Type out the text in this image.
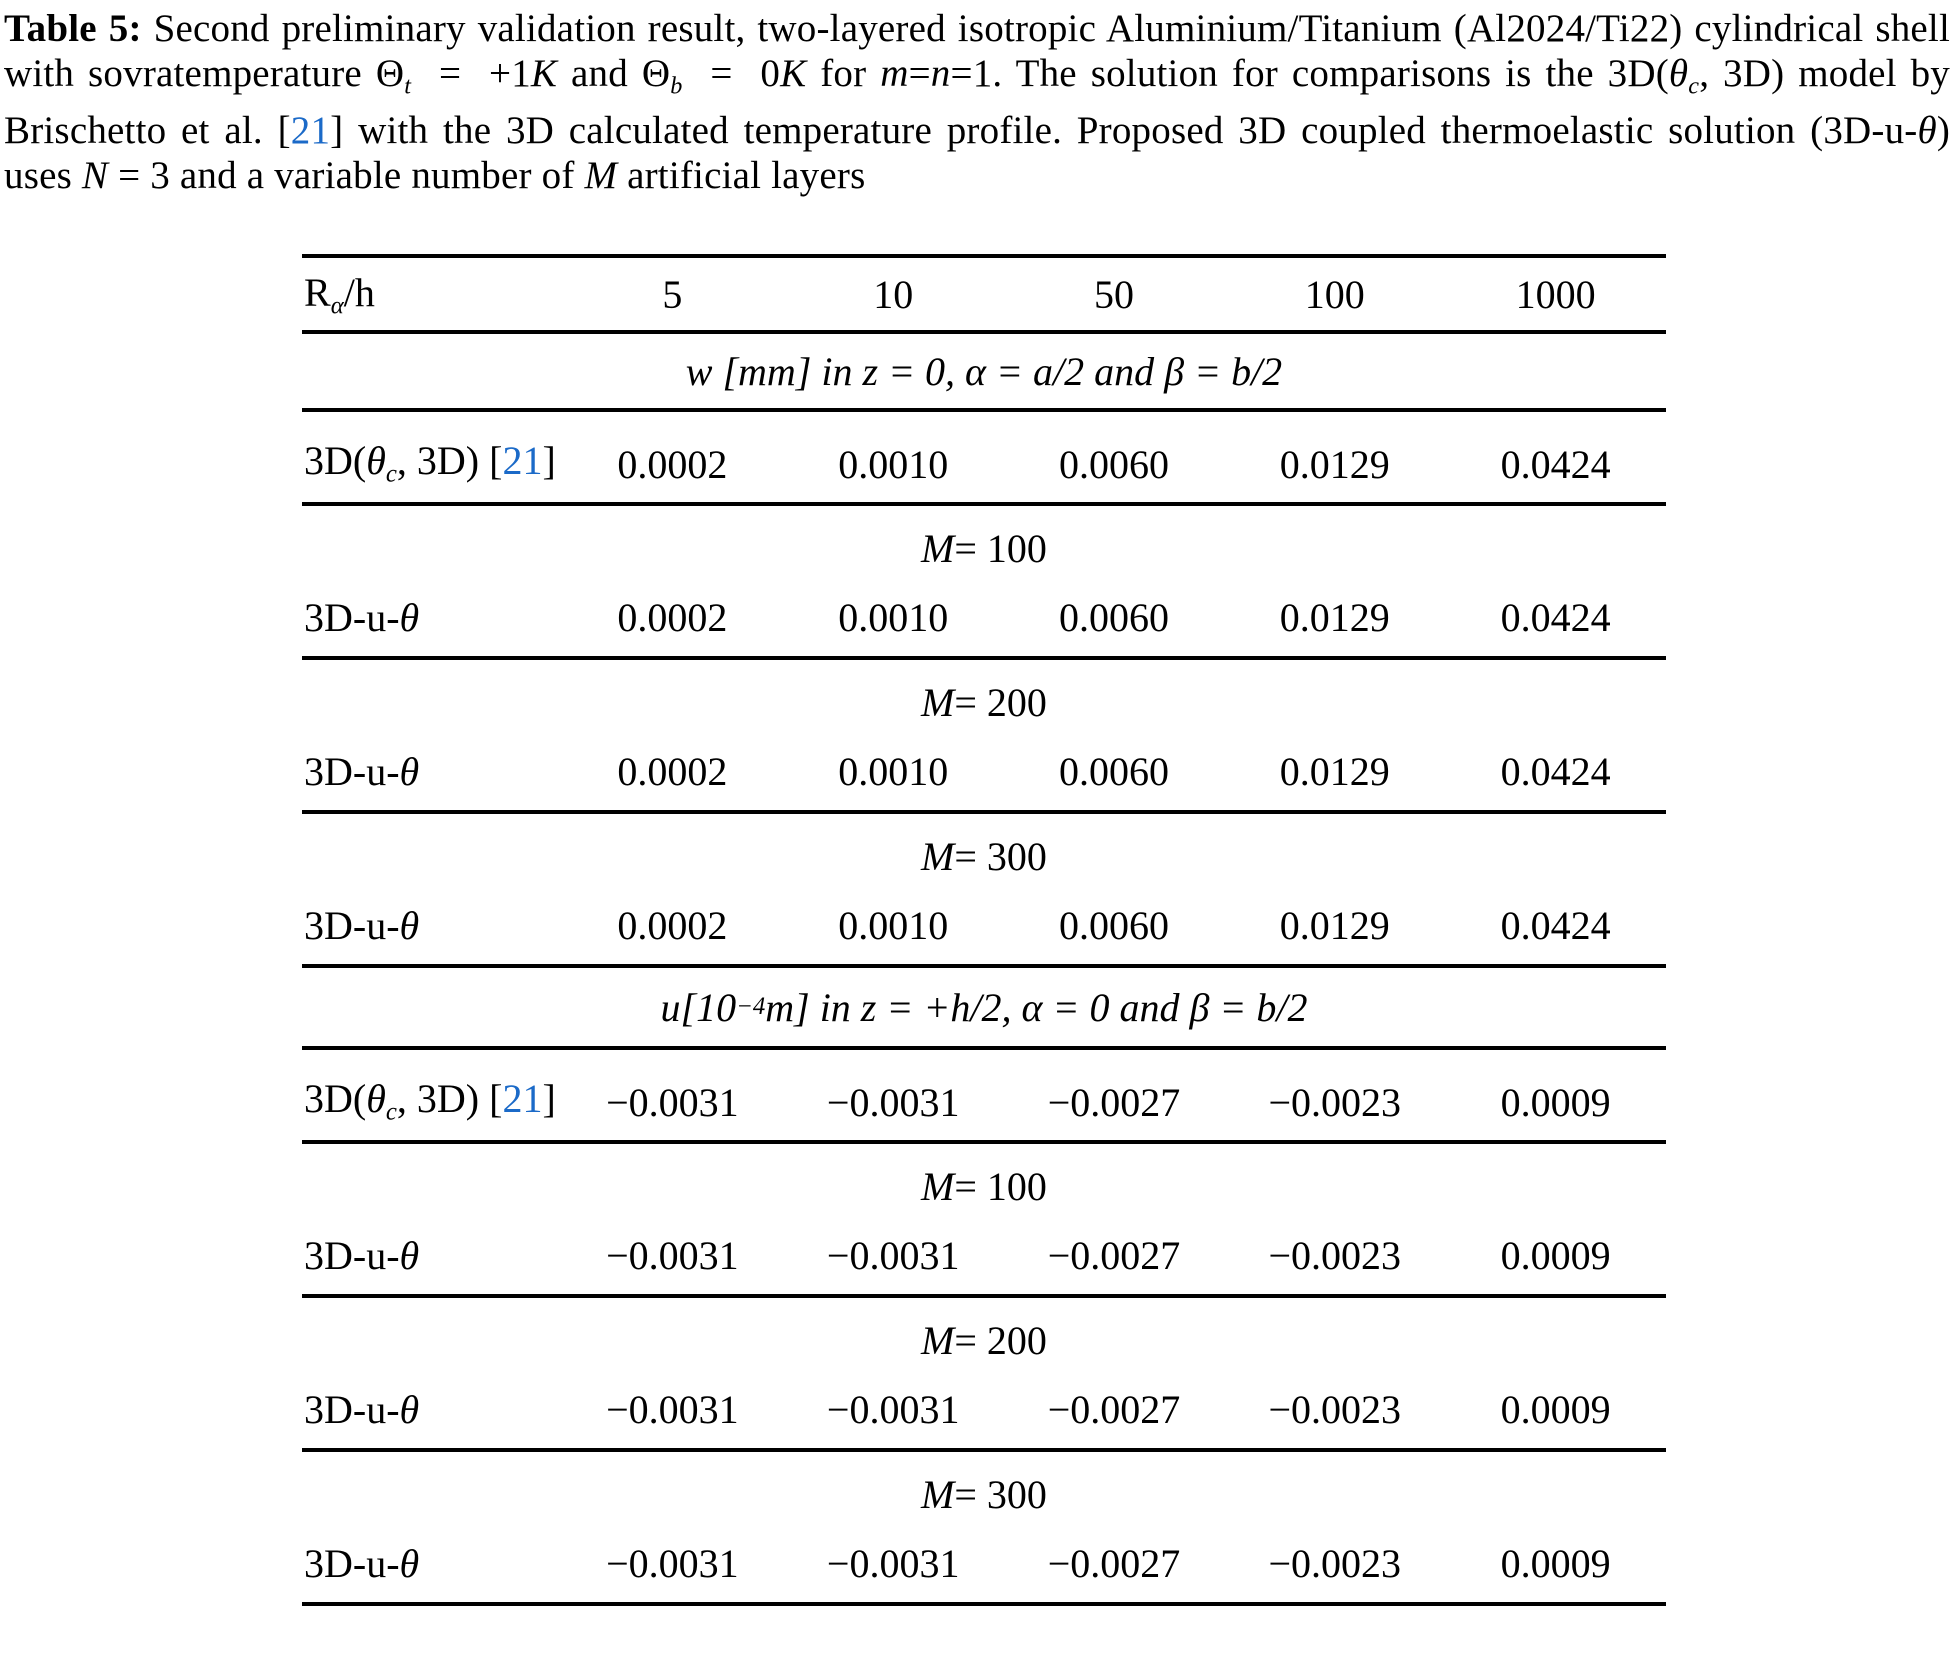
Table 5: Second preliminary validation result, two-layered isotropic Aluminium/Titanium (Al2024/Ti22) cylindrical shell with sovratemperature Θt  =  +1K and Θb  =  0K for m=n=1. The solution for comparisons is the 3D(θc, 3D) model by Brischetto et al. [21] with the 3D calculated temperature profile. Proposed 3D coupled thermoelastic solution (3D-u-θ) uses N = 3 and a variable number of M artificial layers

Rα/h	5	10	50	100	1000
w [mm] in z = 0, α = a/2 and β = b/2
3D(θc, 3D) [21]	0.0002	0.0010	0.0060	0.0129	0.0424
M = 100
3D-u-θ	0.0002	0.0010	0.0060	0.0129	0.0424
M = 200
3D-u-θ	0.0002	0.0010	0.0060	0.0129	0.0424
M = 300
3D-u-θ	0.0002	0.0010	0.0060	0.0129	0.0424
u[10 −4 m] in z = +h/2, α = 0 and β = b/2
3D(θc, 3D) [21]	−0.0031	−0.0031	−0.0027	−0.0023	0.0009
M = 100
3D-u-θ	−0.0031	−0.0031	−0.0027	−0.0023	0.0009
M = 200
3D-u-θ	−0.0031	−0.0031	−0.0027	−0.0023	0.0009
M = 300
3D-u-θ	−0.0031	−0.0031	−0.0027	−0.0023	0.0009
